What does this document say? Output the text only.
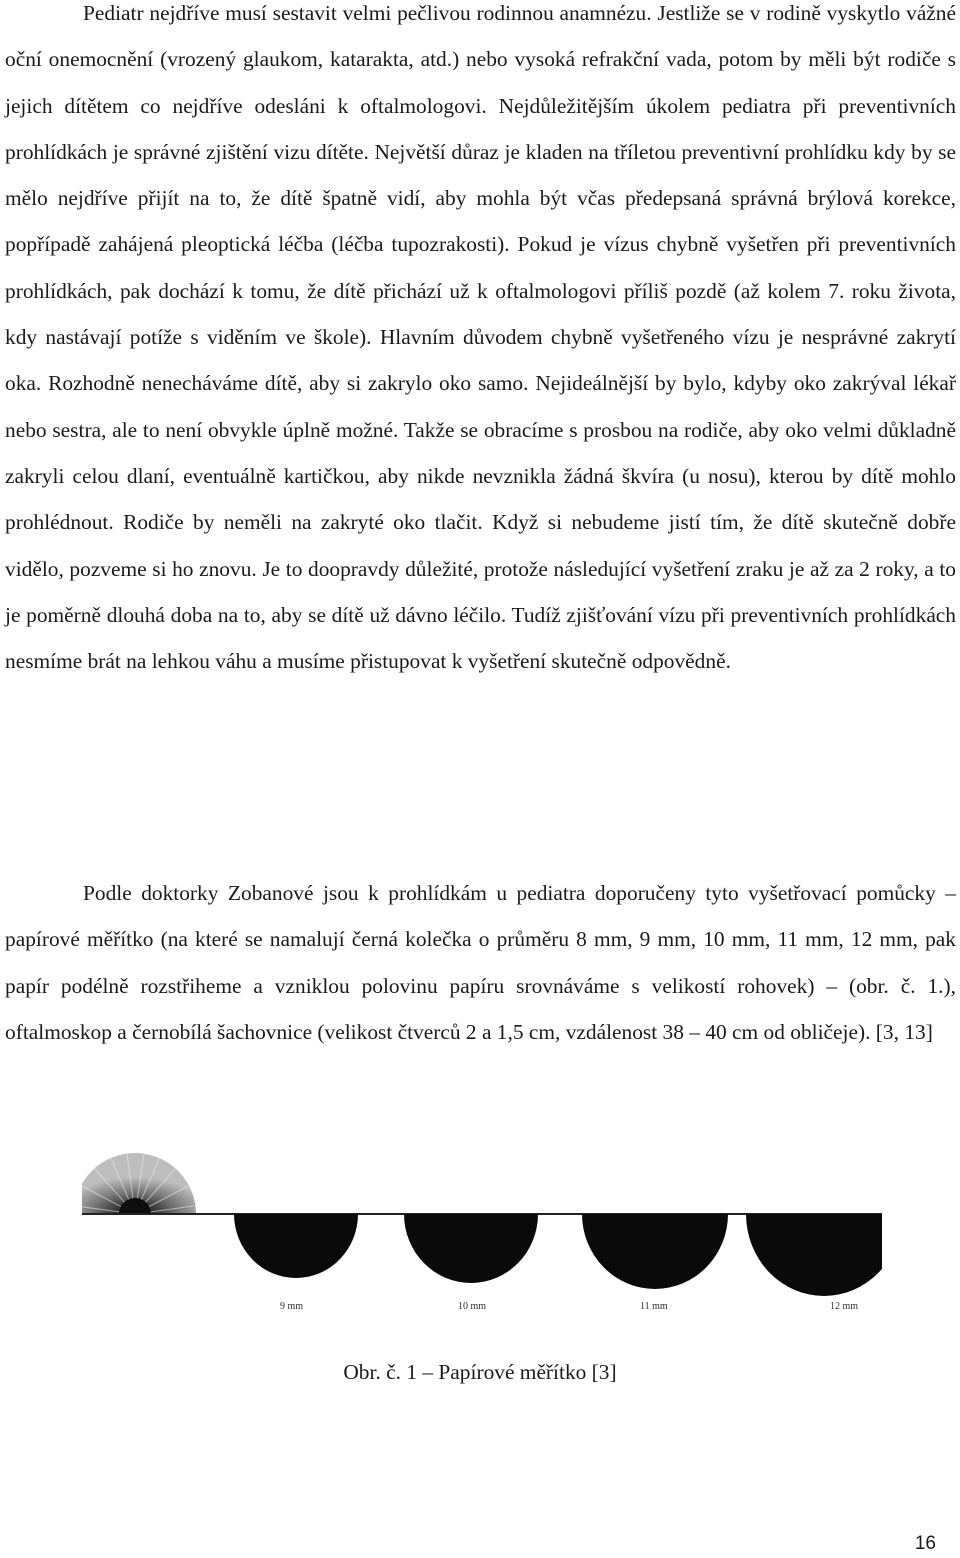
Pediatr nejdříve musí sestavit velmi pečlivou rodinnou anamnézu. Jestliže se v rodině vyskytlo vážné oční onemocnění (vrozený glaukom, katarakta, atd.) nebo vysoká refrakční vada, potom by měli být rodiče s jejich dítětem co nejdříve odesláni k oftalmologovi. Nejdůležitějším úkolem pediatra při preventivních prohlídkách je správné zjištění vizu dítěte. Největší důraz je kladen na tříletou preventivní prohlídku kdy by se mělo nejdříve přijít na to, že dítě špatně vidí, aby mohla být včas předepsaná správná brýlová korekce, popřípadě zahájená pleoptická léčba (léčba tupozrakosti). Pokud je vízus chybně vyšetřen při preventivních prohlídkách, pak dochází k tomu, že dítě přichází už k oftalmologovi příliš pozdě (až kolem 7. roku života, kdy nastávají potíže s viděním ve škole). Hlavním důvodem chybně vyšetřeného vízu je nesprávné zakrytí oka. Rozhodně nenecháváme dítě, aby si zakrylo oko samo. Nejideálnější by bylo, kdyby oko zakrýval lékař nebo sestra, ale to není obvykle úplně možné. Takže se obracíme s prosbou na rodiče, aby oko velmi důkladně zakryli celou dlaní, eventuálně kartičkou, aby nikde nevznikla žádná škvíra (u nosu), kterou by dítě mohlo prohlédnout. Rodiče by neměli na zakryté oko tlačit. Když si nebudeme jistí tím, že dítě skutečně dobře vidělo, pozveme si ho znovu. Je to doopravdy důležité, protože následující vyšetření zraku je až za 2 roky, a to je poměrně dlouhá doba na to, aby se dítě už dávno léčilo. Tudíž zjišťování vízu při preventivních prohlídkách nesmíme brát na lehkou váhu a musíme přistupovat k vyšetření skutečně odpovědně.

Podle doktorky Zobanové jsou k prohlídkám u pediatra doporučeny tyto vyšetřovací pomůcky – papírové měřítko (na které se namalují černá kolečka o průměru 8 mm, 9 mm, 10 mm, 11 mm, 12 mm, pak papír podélně rozstřiheme a vzniklou polovinu papíru srovnáváme s velikostí rohovek) – (obr. č. 1.), oftalmoskop a černobílá šachovnice (velikost čtverců 2 a 1,5 cm, vzdálenost 38 – 40 cm od obličeje). [3, 13]

9 mm	10 mm	11 mm	12 mm
Obr. č. 1 – Papírové měřítko [3]
16
